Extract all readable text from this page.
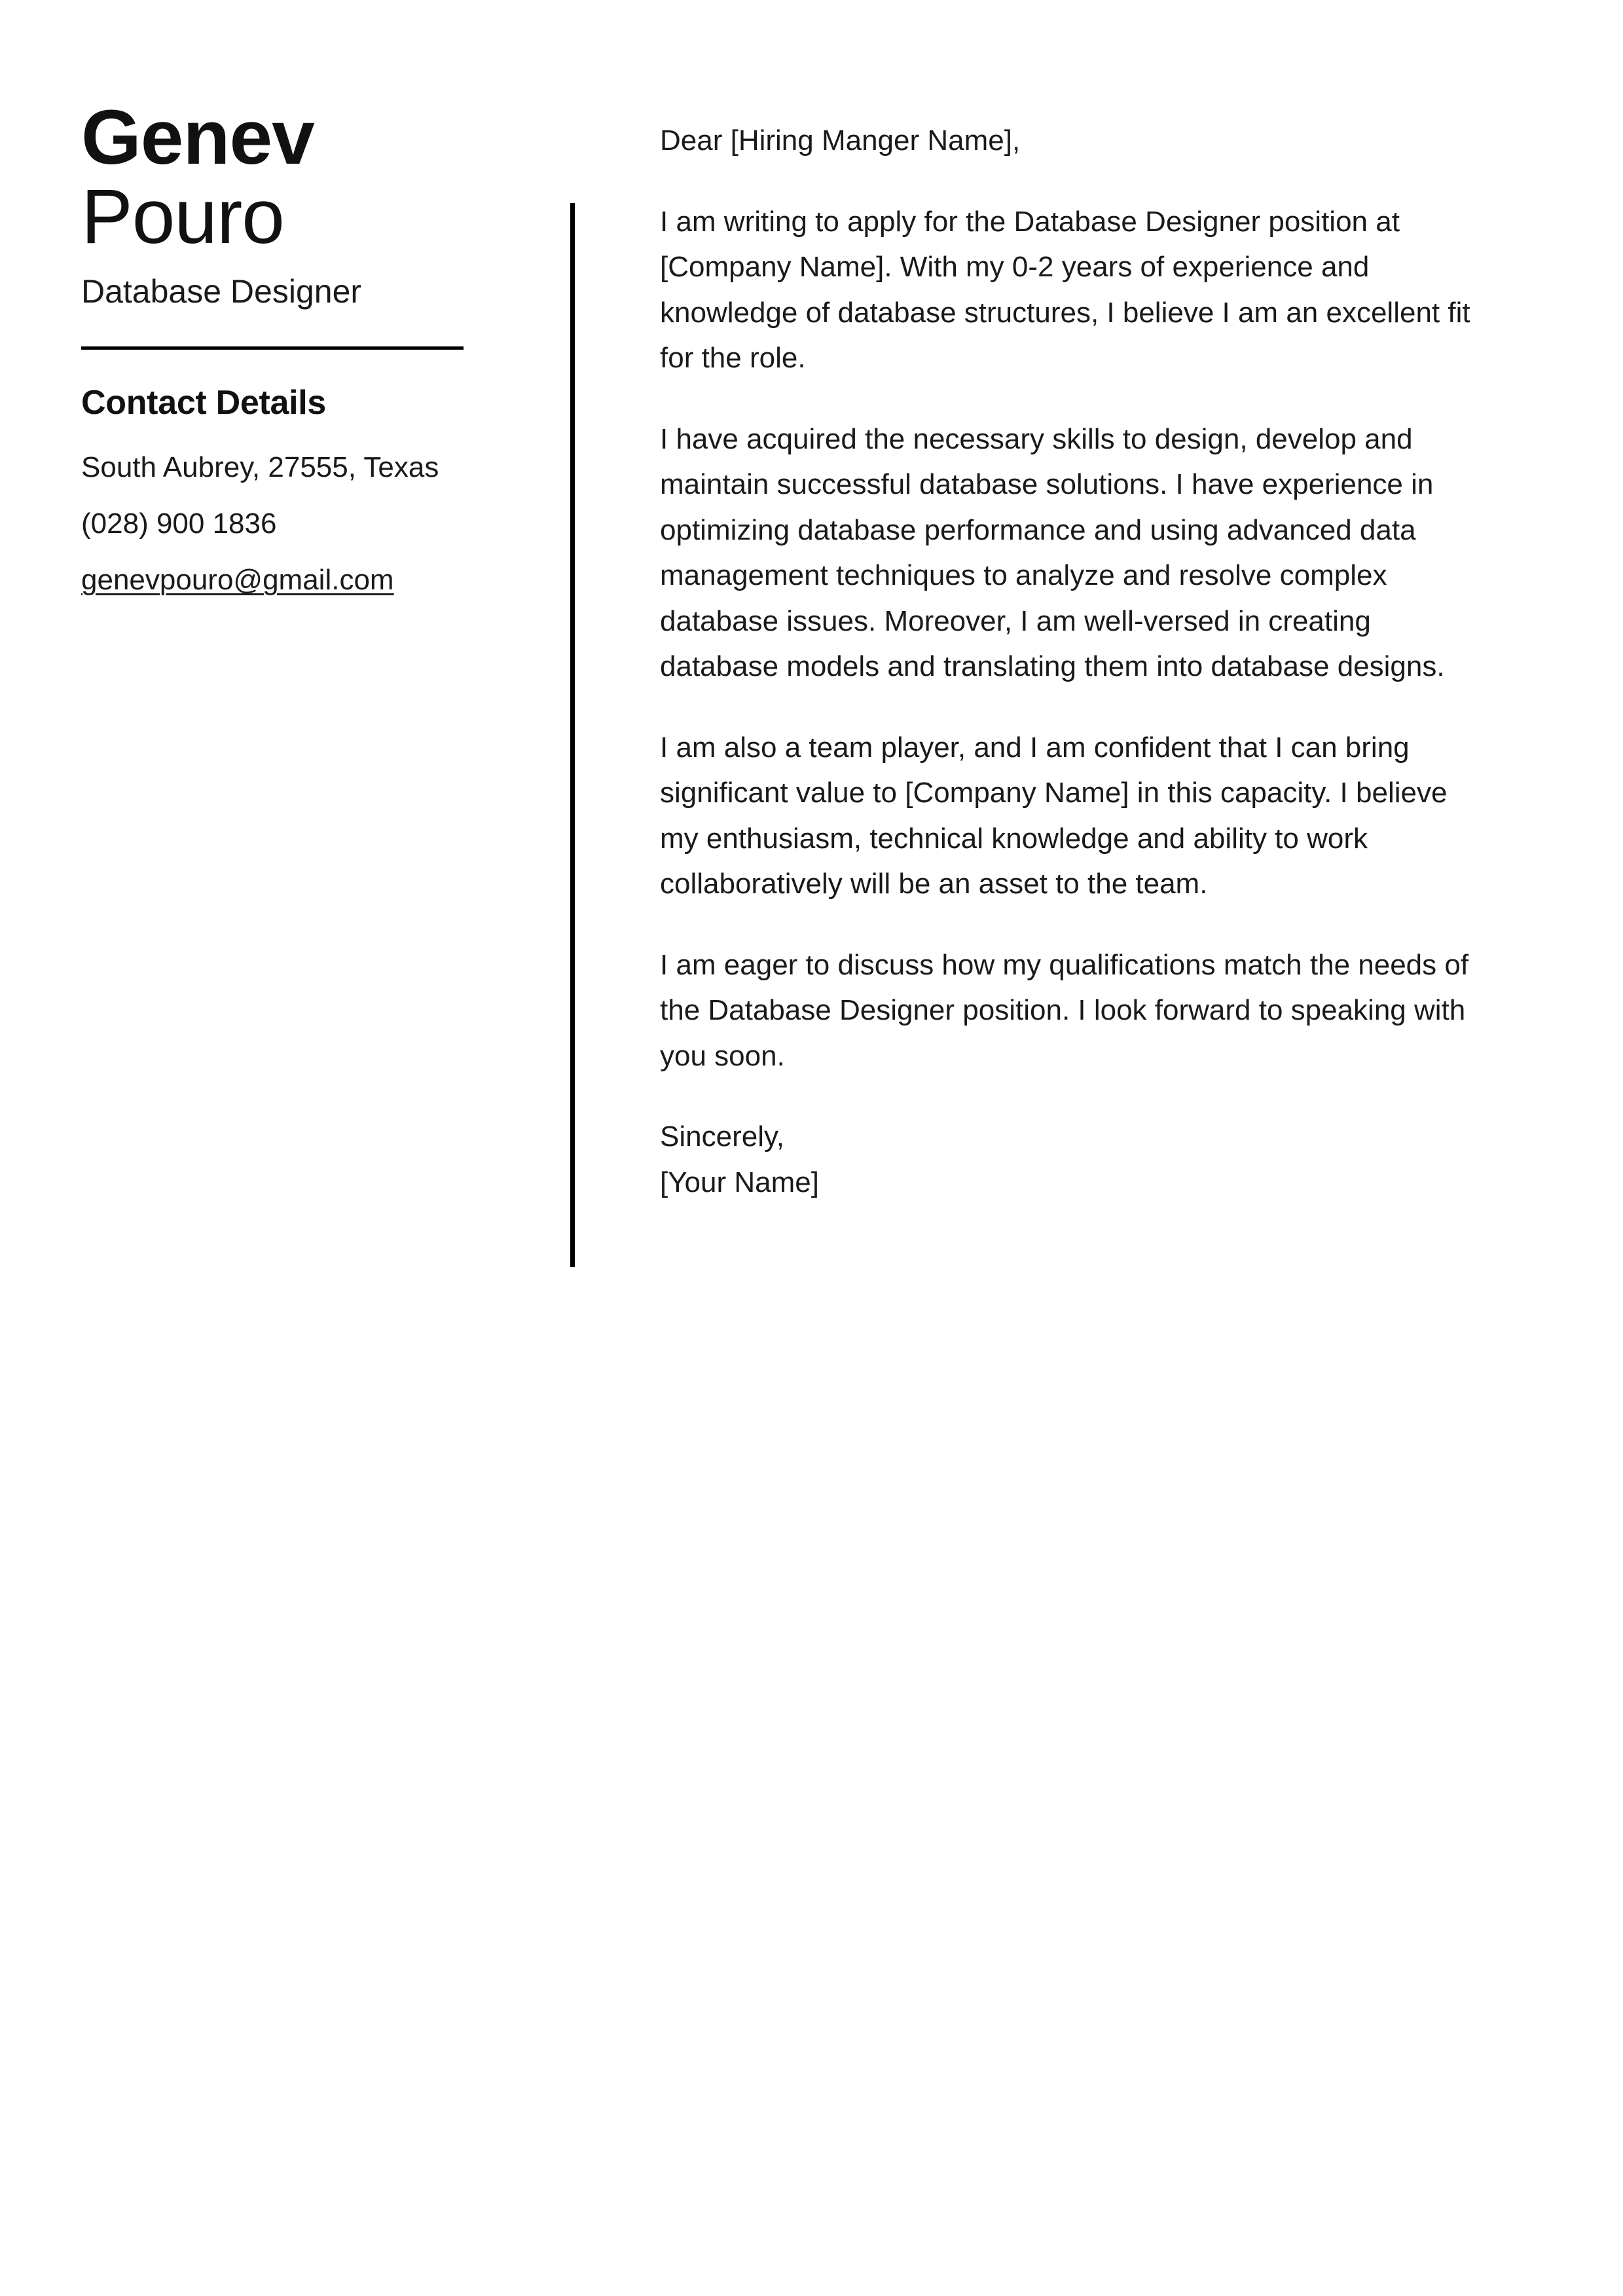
Genev
Pouro
Database Designer
Contact Details
South Aubrey, 27555, Texas
(028) 900 1836
genevpouro@gmail.com

Dear [Hiring Manger Name],

I am writing to apply for the Database Designer position at [Company Name]. With my 0-2 years of experience and knowledge of database structures, I believe I am an excellent fit for the role.

I have acquired the necessary skills to design, develop and maintain successful database solutions. I have experience in optimizing database performance and using advanced data management techniques to analyze and resolve complex database issues. Moreover, I am well-versed in creating database models and translating them into database designs.

I am also a team player, and I am confident that I can bring significant value to [Company Name] in this capacity. I believe my enthusiasm, technical knowledge and ability to work collaboratively will be an asset to the team.

I am eager to discuss how my qualifications match the needs of the Database Designer position. I look forward to speaking with you soon.

Sincerely,

[Your Name]
